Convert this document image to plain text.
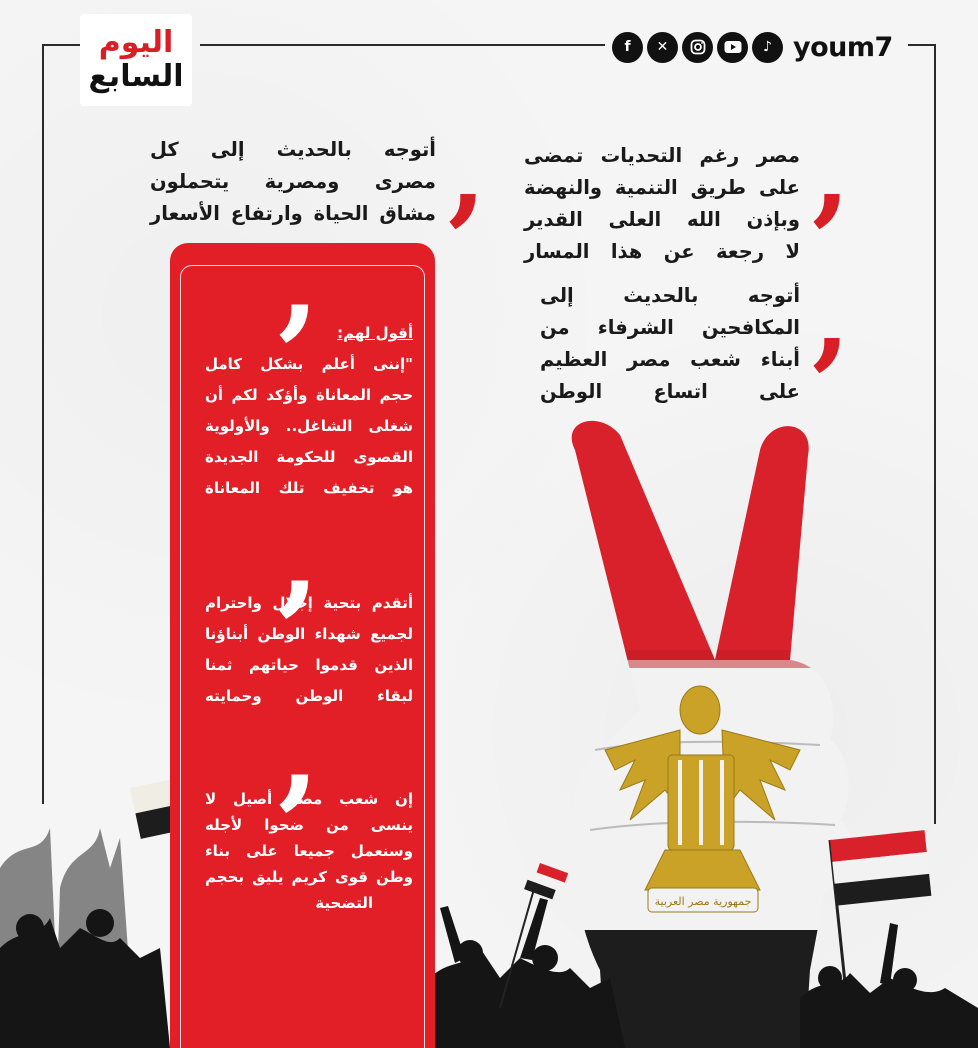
اليوم
السابع
f	✕	♪ youm7
,

مصر رغم التحديات تمضى

على طريق التنمية والنهضة

وبإذن الله العلى القدير

لا رجعة عن هذا المسار

,

أتوجه بالحديث إلى

المكافحين الشرفاء من

أبناء شعب مصر العظيم

على اتساع الوطن

,

أتوجه بالحديث إلى كل

مصرى ومصرية يتحملون

مشاق الحياة وارتفاع الأسعار

جمهورية مصر العربية
,	أقول لهم:

"إننى أعلم بشكل كامل

حجم المعاناة وأؤكد لكم أن

شغلى الشاغل.. والأولوية

القصوى للحكومة الجديدة

هو تخفيف تلك المعاناة

,

أتقدم بتحية إجلال واحترام

لجميع شهداء الوطن أبناؤنا

الذين قدموا حياتهم ثمنا

لبقاء الوطن وحمايته

,

إن شعب مصر أصيل لا

ينسى من ضحوا لأجله

وسنعمل جميعا على بناء

وطن قوى كريم يليق بحجم

التضحية
